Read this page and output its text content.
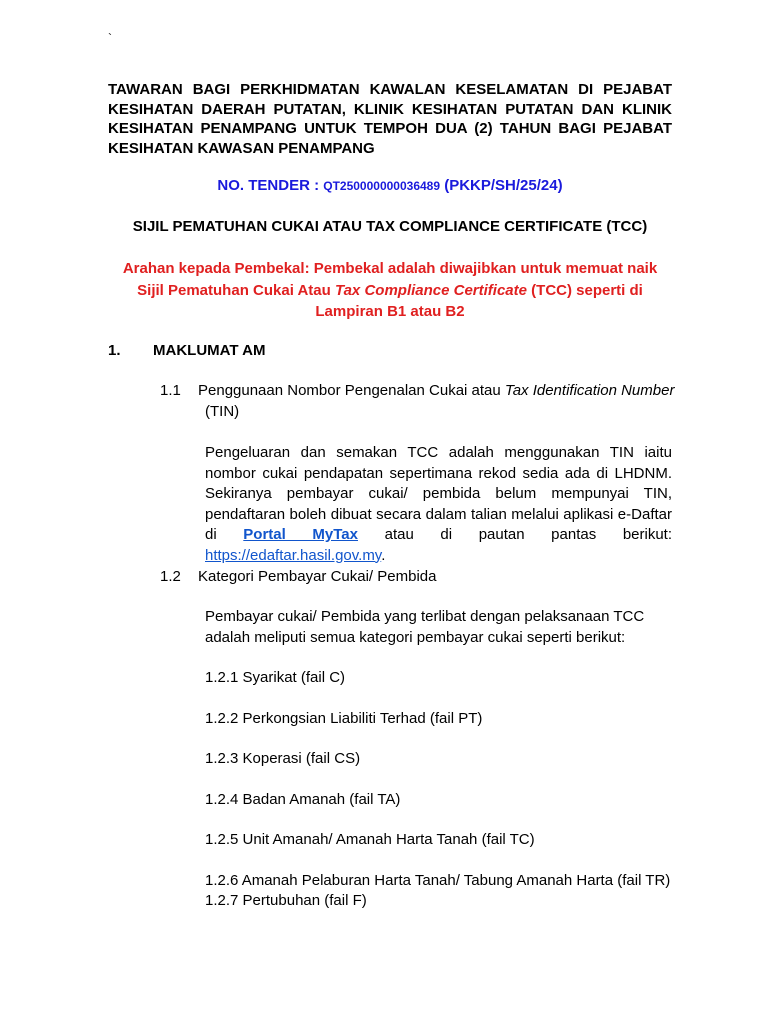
`
TAWARAN BAGI PERKHIDMATAN KAWALAN KESELAMATAN DI PEJABAT KESIHATAN DAERAH PUTATAN, KLINIK KESIHATAN PUTATAN DAN KLINIK KESIHATAN PENAMPANG UNTUK TEMPOH DUA (2) TAHUN BAGI PEJABAT KESIHATAN KAWASAN PENAMPANG
NO. TENDER : QT250000000036489 (PKKP/SH/25/24)
SIJIL PEMATUHAN CUKAI ATAU TAX COMPLIANCE CERTIFICATE (TCC)
Arahan kepada Pembekal: Pembekal adalah diwajibkan untuk memuat naik Sijil Pematuhan Cukai Atau Tax Compliance Certificate (TCC) seperti di Lampiran B1 atau B2
1. MAKLUMAT AM
1.1 Penggunaan Nombor Pengenalan Cukai atau Tax Identification Number
(TIN)
Pengeluaran dan semakan TCC adalah menggunakan TIN iaitu nombor cukai pendapatan sepertimana rekod sedia ada di LHDNM. Sekiranya pembayar cukai/ pembida belum mempunyai TIN, pendaftaran boleh dibuat secara dalam talian melalui aplikasi e-Daftar di Portal MyTax atau di pautan pantas berikut: https://edaftar.hasil.gov.my.
1.2 Kategori Pembayar Cukai/ Pembida
Pembayar cukai/ Pembida yang terlibat dengan pelaksanaan TCC adalah meliputi semua kategori pembayar cukai seperti berikut:
1.2.1 Syarikat (fail C)
1.2.2 Perkongsian Liabiliti Terhad (fail PT)
1.2.3 Koperasi (fail CS)
1.2.4 Badan Amanah (fail TA)
1.2.5 Unit Amanah/ Amanah Harta Tanah (fail TC)
1.2.6 Amanah Pelaburan Harta Tanah/ Tabung Amanah Harta (fail TR)
1.2.7 Pertubuhan (fail F)
